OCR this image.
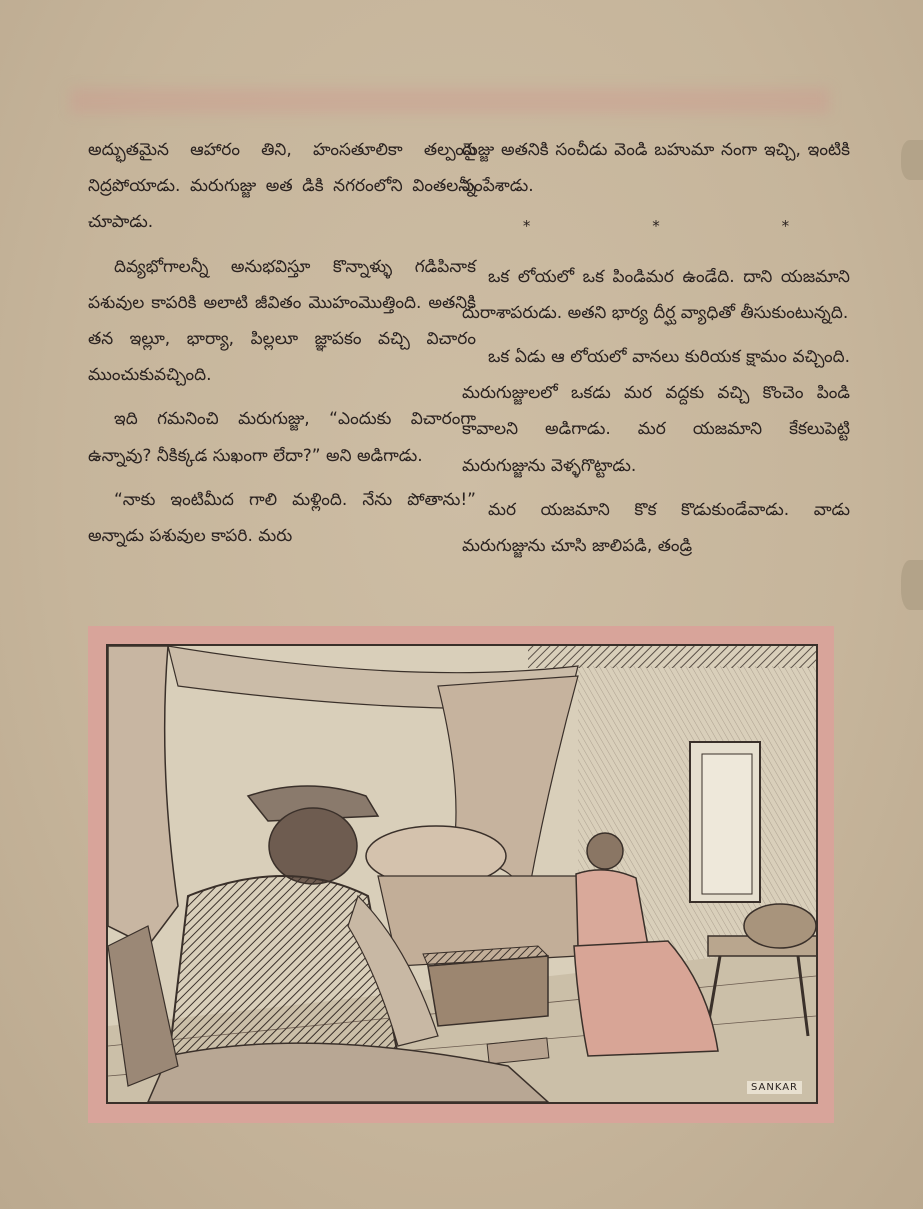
అద్భుతమైన ఆహారం తిని, హంసతూలికా తల్పంపై నిద్రపోయాడు. మరుగుజ్జు అత డికి నగరంలోని వింతలన్నీ చూపాడు.

దివ్యభోగాలన్నీ అనుభవిస్తూ కొన్నాళ్ళు గడిపినాక పశువుల కాపరికి అలాటి జీవితం మొహంమొత్తింది. అతనికి తన ఇల్లూ, భార్యా, పిల్లలూ జ్ఞాపకం వచ్చి విచారం ముంచుకువచ్చింది.

ఇది గమనించి మరుగుజ్జు, “ఎందుకు విచారంగా ఉన్నావు? నీకిక్కడ సుఖంగా లేదా?” అని అడిగాడు.

“నాకు ఇంటిమీద గాలి మళ్లింది. నేను పోతాను!” అన్నాడు పశువుల కాపరి. మరు

గుజ్జు అతనికి సంచీడు వెండి బహుమా నంగా ఇచ్చి, ఇంటికి పంపేశాడు.

*	*	*

ఒక లోయలో ఒక పిండిమర ఉండేది. దాని యజమాని దురాశాపరుడు. అతని భార్య దీర్ఘ వ్యాధితో తీసుకుంటున్నది.

ఒక ఏడు ఆ లోయలో వానలు కురియక క్షామం వచ్చింది. మరుగుజ్జులలో ఒకడు మర వద్దకు వచ్చి కొంచెం పిండి కావాలని అడిగాడు. మర యజమాని కేకలుపెట్టి మరుగుజ్జును వెళ్ళగొట్టాడు.

మర యజమాని కొక కొడుకుండేవాడు. వాడు మరుగుజ్జును చూసి జాలిపడి, తండ్రి

SANKAR
